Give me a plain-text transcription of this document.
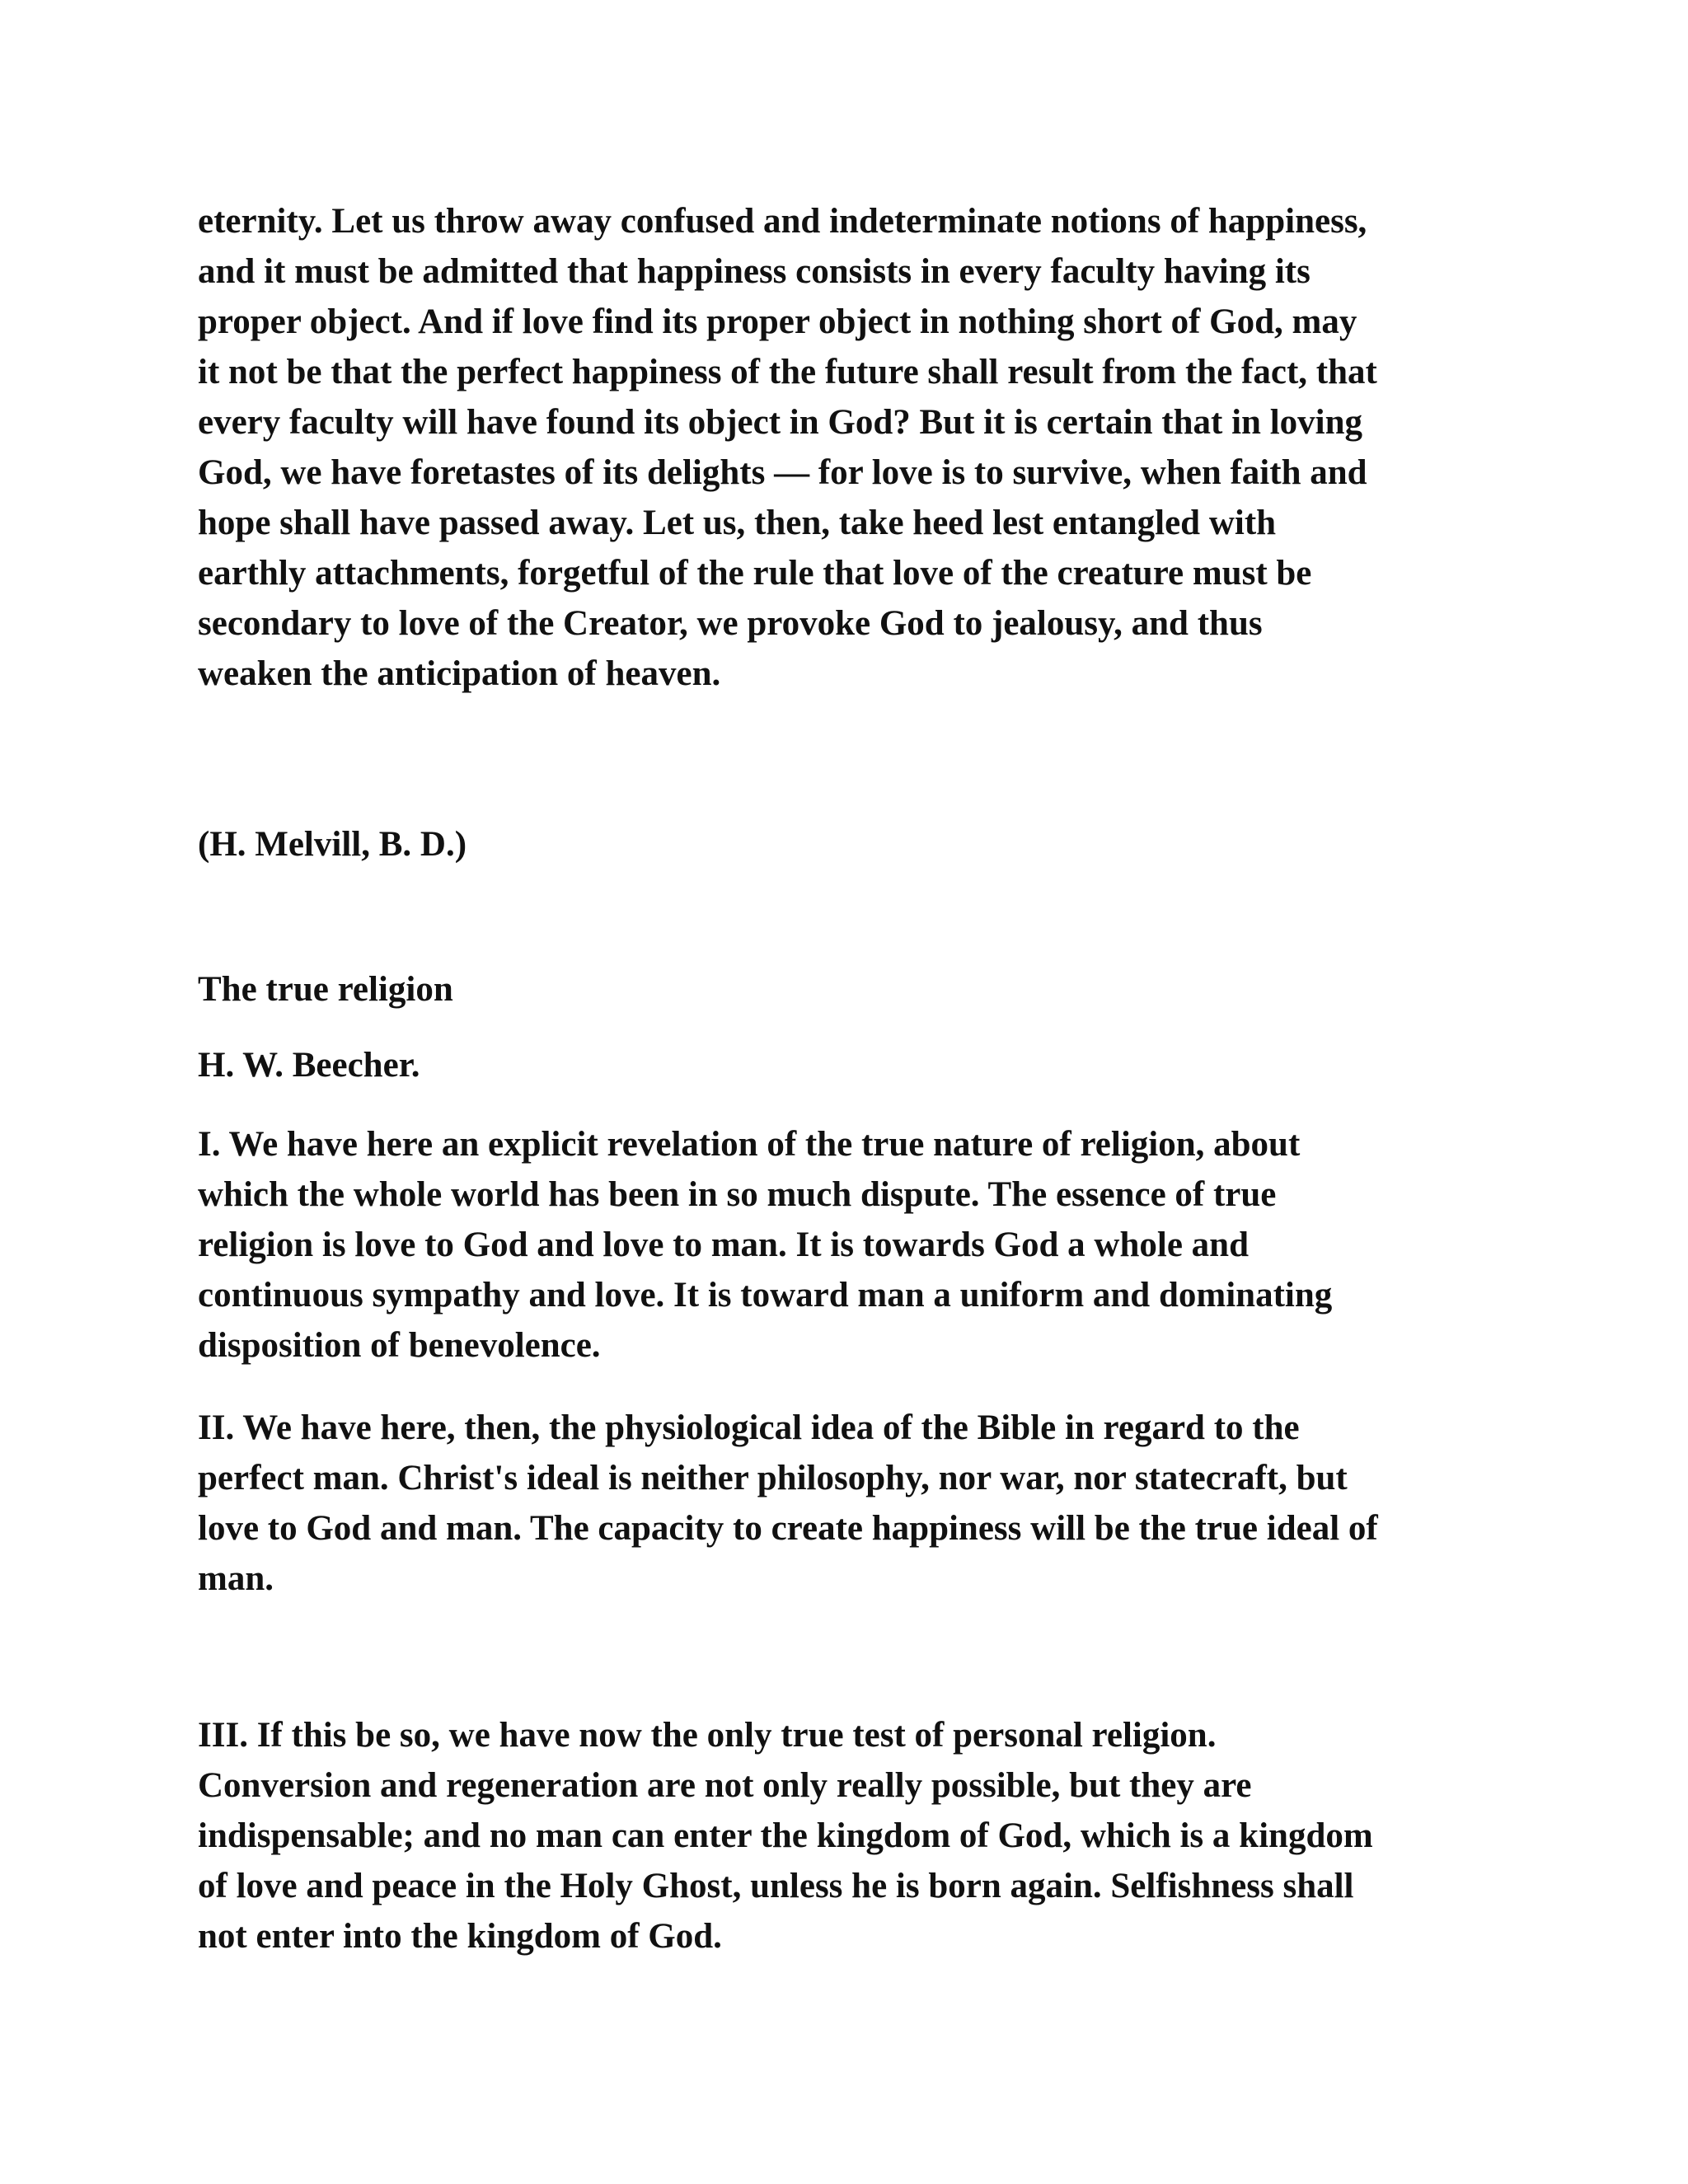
eternity. Let us throw away confused and indeterminate notions of happiness,
and it must be admitted that happiness consists in every faculty having its
proper object. And if love find its proper object in nothing short of God, may
it not be that the perfect happiness of the future shall result from the fact, that
every faculty will have found its object in God? But it is certain that in loving
God, we have foretastes of its delights — for love is to survive, when faith and
hope shall have passed away. Let us, then, take heed lest entangled with
earthly attachments, forgetful of the rule that love of the creature must be
secondary to love of the Creator, we provoke God to jealousy, and thus
weaken the anticipation of heaven.

(H. Melvill, B. D.)

The true religion

H. W. Beecher.

I. We have here an explicit revelation of the true nature of religion, about
which the whole world has been in so much dispute. The essence of true
religion is love to God and love to man. It is towards God a whole and
continuous sympathy and love. It is toward man a uniform and dominating
disposition of benevolence.

II. We have here, then, the physiological idea of the Bible in regard to the
perfect man. Christ's ideal is neither philosophy, nor war, nor statecraft, but
love to God and man. The capacity to create happiness will be the true ideal of
man.

III. If this be so, we have now the only true test of personal religion.
Conversion and regeneration are not only really possible, but they are
indispensable; and no man can enter the kingdom of God, which is a kingdom
of love and peace in the Holy Ghost, unless he is born again. Selfishness shall
not enter into the kingdom of God.
